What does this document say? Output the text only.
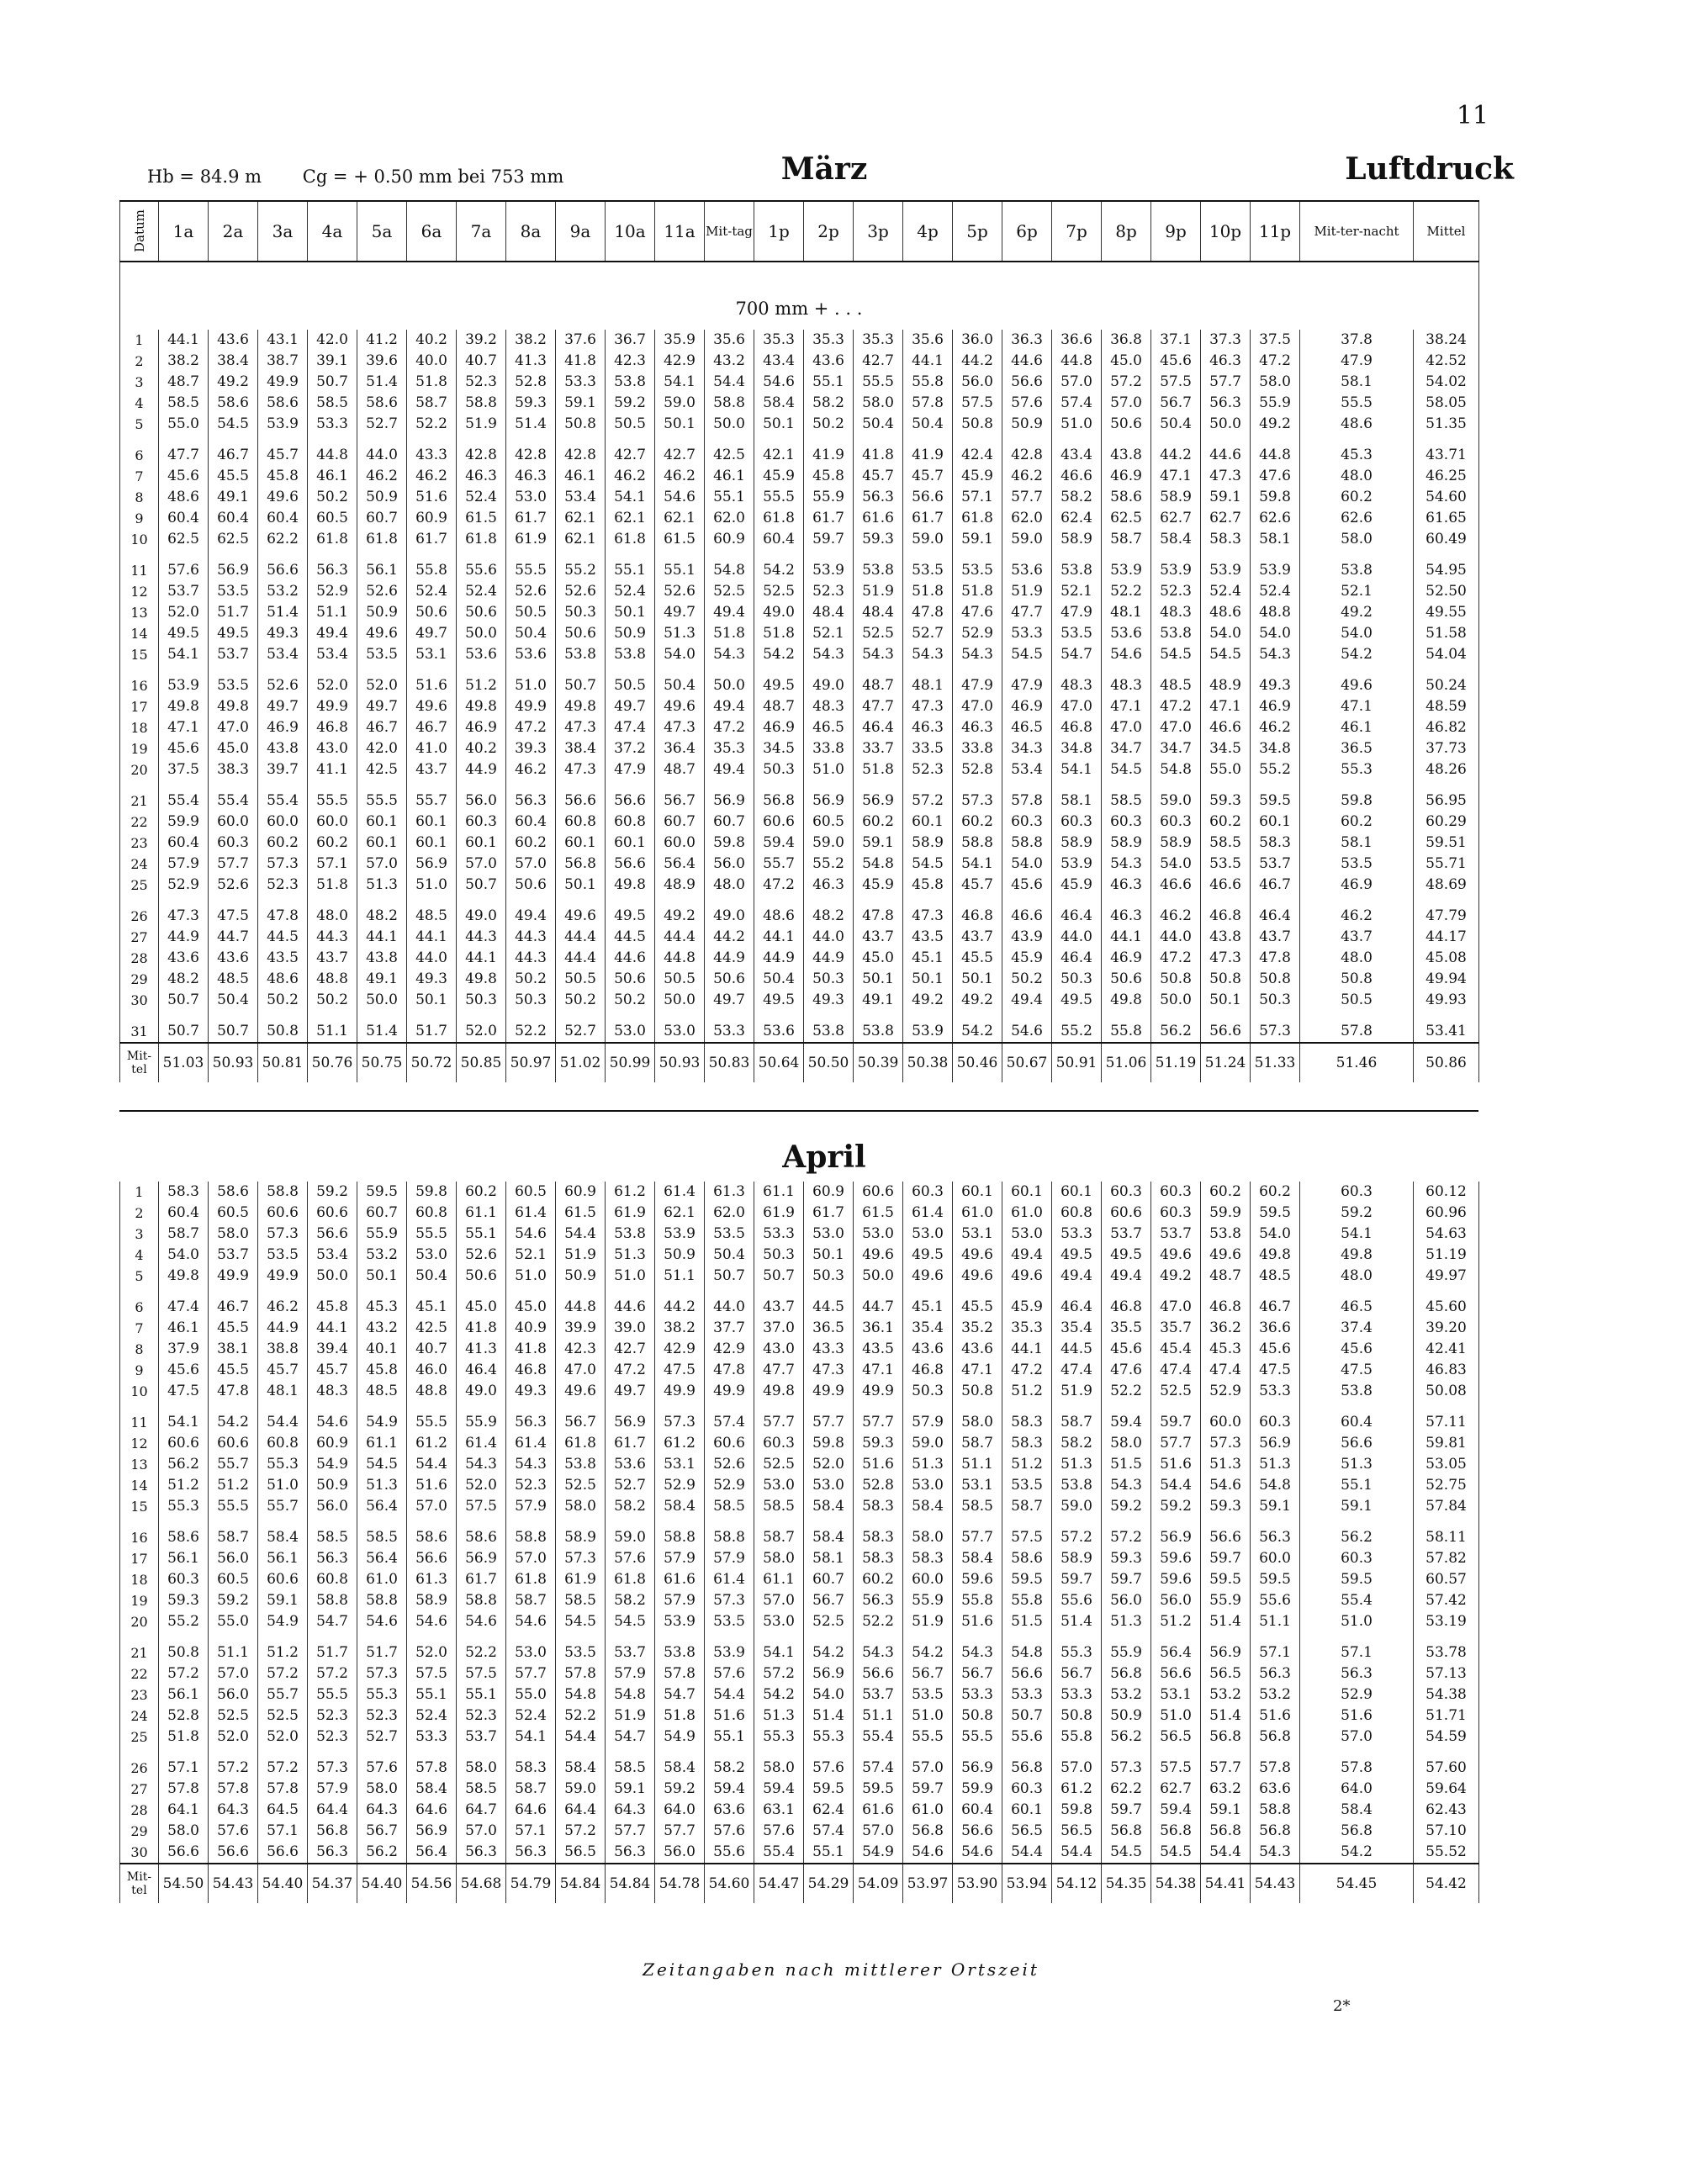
11
Hb = 84.9 m Cg = + 0.50 mm bei 753 mm	März	Luftdruck
Datum	1a	2a	3a	4a	5a	6a	7a	8a	9a	10a	11a	Mit-tag	1p	2p	3p	4p	5p	6p	7p	8p	9p	10p	11p	Mit-ter-nacht	Mittel

1	44.1	43.6	43.1	42.0	41.2	40.2	39.2	38.2	37.6	36.7	35.9	35.6	35.3	35.3	35.3	35.6	36.0	36.3	36.6	36.8	37.1	37.3	37.5	37.8	38.24
2	38.2	38.4	38.7	39.1	39.6	40.0	40.7	41.3	41.8	42.3	42.9	43.2	43.4	43.6	42.7	44.1	44.2	44.6	44.8	45.0	45.6	46.3	47.2	47.9	42.52
3	48.7	49.2	49.9	50.7	51.4	51.8	52.3	52.8	53.3	53.8	54.1	54.4	54.6	55.1	55.5	55.8	56.0	56.6	57.0	57.2	57.5	57.7	58.0	58.1	54.02
4	58.5	58.6	58.6	58.5	58.6	58.7	58.8	59.3	59.1	59.2	59.0	58.8	58.4	58.2	58.0	57.8	57.5	57.6	57.4	57.0	56.7	56.3	55.9	55.5	58.05
5	55.0	54.5	53.9	53.3	52.7	52.2	51.9	51.4	50.8	50.5	50.1	50.0	50.1	50.2	50.4	50.4	50.8	50.9	51.0	50.6	50.4	50.0	49.2	48.6	51.35

6	47.7	46.7	45.7	44.8	44.0	43.3	42.8	42.8	42.8	42.7	42.7	42.5	42.1	41.9	41.8	41.9	42.4	42.8	43.4	43.8	44.2	44.6	44.8	45.3	43.71
7	45.6	45.5	45.8	46.1	46.2	46.2	46.3	46.3	46.1	46.2	46.2	46.1	45.9	45.8	45.7	45.7	45.9	46.2	46.6	46.9	47.1	47.3	47.6	48.0	46.25
8	48.6	49.1	49.6	50.2	50.9	51.6	52.4	53.0	53.4	54.1	54.6	55.1	55.5	55.9	56.3	56.6	57.1	57.7	58.2	58.6	58.9	59.1	59.8	60.2	54.60
9	60.4	60.4	60.4	60.5	60.7	60.9	61.5	61.7	62.1	62.1	62.1	62.0	61.8	61.7	61.6	61.7	61.8	62.0	62.4	62.5	62.7	62.7	62.6	62.6	61.65
10	62.5	62.5	62.2	61.8	61.8	61.7	61.8	61.9	62.1	61.8	61.5	60.9	60.4	59.7	59.3	59.0	59.1	59.0	58.9	58.7	58.4	58.3	58.1	58.0	60.49

11	57.6	56.9	56.6	56.3	56.1	55.8	55.6	55.5	55.2	55.1	55.1	54.8	54.2	53.9	53.8	53.5	53.5	53.6	53.8	53.9	53.9	53.9	53.9	53.8	54.95
12	53.7	53.5	53.2	52.9	52.6	52.4	52.4	52.6	52.6	52.4	52.6	52.5	52.5	52.3	51.9	51.8	51.8	51.9	52.1	52.2	52.3	52.4	52.4	52.1	52.50
13	52.0	51.7	51.4	51.1	50.9	50.6	50.6	50.5	50.3	50.1	49.7	49.4	49.0	48.4	48.4	47.8	47.6	47.7	47.9	48.1	48.3	48.6	48.8	49.2	49.55
14	49.5	49.5	49.3	49.4	49.6	49.7	50.0	50.4	50.6	50.9	51.3	51.8	51.8	52.1	52.5	52.7	52.9	53.3	53.5	53.6	53.8	54.0	54.0	54.0	51.58
15	54.1	53.7	53.4	53.4	53.5	53.1	53.6	53.6	53.8	53.8	54.0	54.3	54.2	54.3	54.3	54.3	54.3	54.5	54.7	54.6	54.5	54.5	54.3	54.2	54.04

16	53.9	53.5	52.6	52.0	52.0	51.6	51.2	51.0	50.7	50.5	50.4	50.0	49.5	49.0	48.7	48.1	47.9	47.9	48.3	48.3	48.5	48.9	49.3	49.6	50.24
17	49.8	49.8	49.7	49.9	49.7	49.6	49.8	49.9	49.8	49.7	49.6	49.4	48.7	48.3	47.7	47.3	47.0	46.9	47.0	47.1	47.2	47.1	46.9	47.1	48.59
18	47.1	47.0	46.9	46.8	46.7	46.7	46.9	47.2	47.3	47.4	47.3	47.2	46.9	46.5	46.4	46.3	46.3	46.5	46.8	47.0	47.0	46.6	46.2	46.1	46.82
19	45.6	45.0	43.8	43.0	42.0	41.0	40.2	39.3	38.4	37.2	36.4	35.3	34.5	33.8	33.7	33.5	33.8	34.3	34.8	34.7	34.7	34.5	34.8	36.5	37.73
20	37.5	38.3	39.7	41.1	42.5	43.7	44.9	46.2	47.3	47.9	48.7	49.4	50.3	51.0	51.8	52.3	52.8	53.4	54.1	54.5	54.8	55.0	55.2	55.3	48.26

21	55.4	55.4	55.4	55.5	55.5	55.7	56.0	56.3	56.6	56.6	56.7	56.9	56.8	56.9	56.9	57.2	57.3	57.8	58.1	58.5	59.0	59.3	59.5	59.8	56.95
22	59.9	60.0	60.0	60.0	60.1	60.1	60.3	60.4	60.8	60.8	60.7	60.7	60.6	60.5	60.2	60.1	60.2	60.3	60.3	60.3	60.3	60.2	60.1	60.2	60.29
23	60.4	60.3	60.2	60.2	60.1	60.1	60.1	60.2	60.1	60.1	60.0	59.8	59.4	59.0	59.1	58.9	58.8	58.8	58.9	58.9	58.9	58.5	58.3	58.1	59.51
24	57.9	57.7	57.3	57.1	57.0	56.9	57.0	57.0	56.8	56.6	56.4	56.0	55.7	55.2	54.8	54.5	54.1	54.0	53.9	54.3	54.0	53.5	53.7	53.5	55.71
25	52.9	52.6	52.3	51.8	51.3	51.0	50.7	50.6	50.1	49.8	48.9	48.0	47.2	46.3	45.9	45.8	45.7	45.6	45.9	46.3	46.6	46.6	46.7	46.9	48.69

26	47.3	47.5	47.8	48.0	48.2	48.5	49.0	49.4	49.6	49.5	49.2	49.0	48.6	48.2	47.8	47.3	46.8	46.6	46.4	46.3	46.2	46.8	46.4	46.2	47.79
27	44.9	44.7	44.5	44.3	44.1	44.1	44.3	44.3	44.4	44.5	44.4	44.2	44.1	44.0	43.7	43.5	43.7	43.9	44.0	44.1	44.0	43.8	43.7	43.7	44.17
28	43.6	43.6	43.5	43.7	43.8	44.0	44.1	44.3	44.4	44.6	44.8	44.9	44.9	44.9	45.0	45.1	45.5	45.9	46.4	46.9	47.2	47.3	47.8	48.0	45.08
29	48.2	48.5	48.6	48.8	49.1	49.3	49.8	50.2	50.5	50.6	50.5	50.6	50.4	50.3	50.1	50.1	50.1	50.2	50.3	50.6	50.8	50.8	50.8	50.8	49.94
30	50.7	50.4	50.2	50.2	50.0	50.1	50.3	50.3	50.2	50.2	50.0	49.7	49.5	49.3	49.1	49.2	49.2	49.4	49.5	49.8	50.0	50.1	50.3	50.5	49.93

31	50.7	50.7	50.8	51.1	51.4	51.7	52.0	52.2	52.7	53.0	53.0	53.3	53.6	53.8	53.8	53.9	54.2	54.6	55.2	55.8	56.2	56.6	57.3	57.8	53.41
Mit-tel	51.03	50.93	50.81	50.76	50.75	50.72	50.85	50.97	51.02	50.99	50.93	50.83	50.64	50.50	50.39	50.38	50.46	50.67	50.91	51.06	51.19	51.24	51.33	51.46	50.86
700 mm + . . .
April
1	58.3	58.6	58.8	59.2	59.5	59.8	60.2	60.5	60.9	61.2	61.4	61.3	61.1	60.9	60.6	60.3	60.1	60.1	60.1	60.3	60.3	60.2	60.2	60.3	60.12
2	60.4	60.5	60.6	60.6	60.7	60.8	61.1	61.4	61.5	61.9	62.1	62.0	61.9	61.7	61.5	61.4	61.0	61.0	60.8	60.6	60.3	59.9	59.5	59.2	60.96
3	58.7	58.0	57.3	56.6	55.9	55.5	55.1	54.6	54.4	53.8	53.9	53.5	53.3	53.0	53.0	53.0	53.1	53.0	53.3	53.7	53.7	53.8	54.0	54.1	54.63
4	54.0	53.7	53.5	53.4	53.2	53.0	52.6	52.1	51.9	51.3	50.9	50.4	50.3	50.1	49.6	49.5	49.6	49.4	49.5	49.5	49.6	49.6	49.8	49.8	51.19
5	49.8	49.9	49.9	50.0	50.1	50.4	50.6	51.0	50.9	51.0	51.1	50.7	50.7	50.3	50.0	49.6	49.6	49.6	49.4	49.4	49.2	48.7	48.5	48.0	49.97

6	47.4	46.7	46.2	45.8	45.3	45.1	45.0	45.0	44.8	44.6	44.2	44.0	43.7	44.5	44.7	45.1	45.5	45.9	46.4	46.8	47.0	46.8	46.7	46.5	45.60
7	46.1	45.5	44.9	44.1	43.2	42.5	41.8	40.9	39.9	39.0	38.2	37.7	37.0	36.5	36.1	35.4	35.2	35.3	35.4	35.5	35.7	36.2	36.6	37.4	39.20
8	37.9	38.1	38.8	39.4	40.1	40.7	41.3	41.8	42.3	42.7	42.9	42.9	43.0	43.3	43.5	43.6	43.6	44.1	44.5	45.6	45.4	45.3	45.6	45.6	42.41
9	45.6	45.5	45.7	45.7	45.8	46.0	46.4	46.8	47.0	47.2	47.5	47.8	47.7	47.3	47.1	46.8	47.1	47.2	47.4	47.6	47.4	47.4	47.5	47.5	46.83
10	47.5	47.8	48.1	48.3	48.5	48.8	49.0	49.3	49.6	49.7	49.9	49.9	49.8	49.9	49.9	50.3	50.8	51.2	51.9	52.2	52.5	52.9	53.3	53.8	50.08

11	54.1	54.2	54.4	54.6	54.9	55.5	55.9	56.3	56.7	56.9	57.3	57.4	57.7	57.7	57.7	57.9	58.0	58.3	58.7	59.4	59.7	60.0	60.3	60.4	57.11
12	60.6	60.6	60.8	60.9	61.1	61.2	61.4	61.4	61.8	61.7	61.2	60.6	60.3	59.8	59.3	59.0	58.7	58.3	58.2	58.0	57.7	57.3	56.9	56.6	59.81
13	56.2	55.7	55.3	54.9	54.5	54.4	54.3	54.3	53.8	53.6	53.1	52.6	52.5	52.0	51.6	51.3	51.1	51.2	51.3	51.5	51.6	51.3	51.3	51.3	53.05
14	51.2	51.2	51.0	50.9	51.3	51.6	52.0	52.3	52.5	52.7	52.9	52.9	53.0	53.0	52.8	53.0	53.1	53.5	53.8	54.3	54.4	54.6	54.8	55.1	52.75
15	55.3	55.5	55.7	56.0	56.4	57.0	57.5	57.9	58.0	58.2	58.4	58.5	58.5	58.4	58.3	58.4	58.5	58.7	59.0	59.2	59.2	59.3	59.1	59.1	57.84

16	58.6	58.7	58.4	58.5	58.5	58.6	58.6	58.8	58.9	59.0	58.8	58.8	58.7	58.4	58.3	58.0	57.7	57.5	57.2	57.2	56.9	56.6	56.3	56.2	58.11
17	56.1	56.0	56.1	56.3	56.4	56.6	56.9	57.0	57.3	57.6	57.9	57.9	58.0	58.1	58.3	58.3	58.4	58.6	58.9	59.3	59.6	59.7	60.0	60.3	57.82
18	60.3	60.5	60.6	60.8	61.0	61.3	61.7	61.8	61.9	61.8	61.6	61.4	61.1	60.7	60.2	60.0	59.6	59.5	59.7	59.7	59.6	59.5	59.5	59.5	60.57
19	59.3	59.2	59.1	58.8	58.8	58.9	58.8	58.7	58.5	58.2	57.9	57.3	57.0	56.7	56.3	55.9	55.8	55.8	55.6	56.0	56.0	55.9	55.6	55.4	57.42
20	55.2	55.0	54.9	54.7	54.6	54.6	54.6	54.6	54.5	54.5	53.9	53.5	53.0	52.5	52.2	51.9	51.6	51.5	51.4	51.3	51.2	51.4	51.1	51.0	53.19

21	50.8	51.1	51.2	51.7	51.7	52.0	52.2	53.0	53.5	53.7	53.8	53.9	54.1	54.2	54.3	54.2	54.3	54.8	55.3	55.9	56.4	56.9	57.1	57.1	53.78
22	57.2	57.0	57.2	57.2	57.3	57.5	57.5	57.7	57.8	57.9	57.8	57.6	57.2	56.9	56.6	56.7	56.7	56.6	56.7	56.8	56.6	56.5	56.3	56.3	57.13
23	56.1	56.0	55.7	55.5	55.3	55.1	55.1	55.0	54.8	54.8	54.7	54.4	54.2	54.0	53.7	53.5	53.3	53.3	53.3	53.2	53.1	53.2	53.2	52.9	54.38
24	52.8	52.5	52.5	52.3	52.3	52.4	52.3	52.4	52.2	51.9	51.8	51.6	51.3	51.4	51.1	51.0	50.8	50.7	50.8	50.9	51.0	51.4	51.6	51.6	51.71
25	51.8	52.0	52.0	52.3	52.7	53.3	53.7	54.1	54.4	54.7	54.9	55.1	55.3	55.3	55.4	55.5	55.5	55.6	55.8	56.2	56.5	56.8	56.8	57.0	54.59

26	57.1	57.2	57.2	57.3	57.6	57.8	58.0	58.3	58.4	58.5	58.4	58.2	58.0	57.6	57.4	57.0	56.9	56.8	57.0	57.3	57.5	57.7	57.8	57.8	57.60
27	57.8	57.8	57.8	57.9	58.0	58.4	58.5	58.7	59.0	59.1	59.2	59.4	59.4	59.5	59.5	59.7	59.9	60.3	61.2	62.2	62.7	63.2	63.6	64.0	59.64
28	64.1	64.3	64.5	64.4	64.3	64.6	64.7	64.6	64.4	64.3	64.0	63.6	63.1	62.4	61.6	61.0	60.4	60.1	59.8	59.7	59.4	59.1	58.8	58.4	62.43
29	58.0	57.6	57.1	56.8	56.7	56.9	57.0	57.1	57.2	57.7	57.7	57.6	57.6	57.4	57.0	56.8	56.6	56.5	56.5	56.8	56.8	56.8	56.8	56.8	57.10
30	56.6	56.6	56.6	56.3	56.2	56.4	56.3	56.3	56.5	56.3	56.0	55.6	55.4	55.1	54.9	54.6	54.6	54.4	54.4	54.5	54.5	54.4	54.3	54.2	55.52
Mit-tel	54.50	54.43	54.40	54.37	54.40	54.56	54.68	54.79	54.84	54.84	54.78	54.60	54.47	54.29	54.09	53.97	53.90	53.94	54.12	54.35	54.38	54.41	54.43	54.45	54.42
Zeitangaben nach mittlerer Ortszeit
2*
